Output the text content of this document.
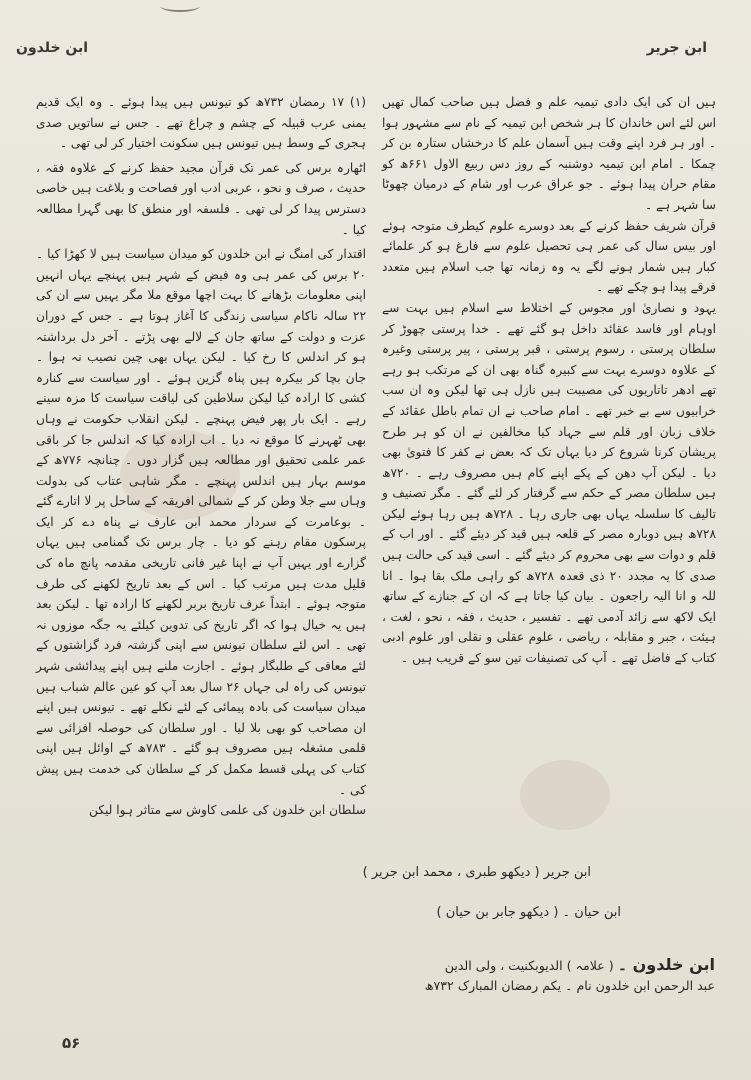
ابن جریر
ابن خلدون

ہیں ان کی ایک دادی تیمیہ علم و فضل ہیں صاحب کمال تھیں اس لئے اس خاندان کا ہر شخص ابن تیمیہ کے نام سے مشہور ہوا ۔ اور ہر فرد اپنے وقت ہیں آسمان علم کا درخشاں ستارہ بن کر چمکا ۔ امام ابن تیمیہ دوشنبہ کے روز دس ربیع الاول ۶۶۱ھ کو مقام حران پیدا ہوئے ۔ جو عراق عرب اور شام کے درمیان چھوٹا سا شہر ہے ۔

قرآن شریف حفظ کرنے کے بعد دوسرے علوم کیطرف متوجہ ہوئے اور بیس سال کی عمر ہی تحصیل علوم سے فارغ ہو کر علمائے کبار ہیں شمار ہونے لگے یہ وہ زمانہ تھا جب اسلام ہیں متعدد فرقے پیدا ہو چکے تھے ۔

یہود و نصاریٰ اور مجوس کے اختلاط سے اسلام ہیں بہت سے اوہام اور فاسد عقائد داخل ہو گئے تھے ۔ خدا پرستی چھوڑ کر سلطان پرستی ، رسوم پرستی ، قبر پرستی ، پیر پرستی وغیرہ کے علاوہ دوسرے بہت سے کبیرہ گناہ بھی ان کے مرتکب ہو رہے تھے ادھر تاتاریوں کی مصیبت ہیں نازل ہی تھا لیکن وہ ان سب خرابیوں سے بے خبر تھے ۔ امام صاحب نے ان تمام باطل عقائد کے خلاف زبان اور قلم سے جہاد کیا مخالفین نے ان کو ہر طرح پریشان کرنا شروع کر دیا یہاں تک کہ بعض نے کفر کا فتویٰ بھی دیا ۔ لیکن آپ دھن کے پکے اپنے کام ہیں مصروف رہے ۔ ۷۲۰ھ ہیں سلطان مصر کے حکم سے گرفتار کر لئے گئے ۔ مگر تصنیف و تالیف کا سلسلہ یہاں بھی جاری رہا ۔ ۷۲۸ھ ہیں رہا ہوئے لیکن ۷۲۸ھ ہیں دوبارہ مصر کے قلعہ ہیں قید کر دیئے گئے ۔ اور اب کے قلم و دوات سے بھی محروم کر دیئے گئے ۔ اسی قید کی حالت ہیں صدی کا یہ مجدد ۲۰ ذی قعدہ ۷۲۸ھ کو راہی ملک بقا ہوا ۔ انا للہ و انا الیہ راجعون ۔ بیان کیا جاتا ہے کہ ان کے جنازے کے ساتھ ایک لاکھ سے زائد آدمی تھے ۔ تفسیر ، حدیث ، فقہ ، نحو ، لغت ، ہیئت ، جبر و مقابلہ ، ریاضی ، علوم عقلی و نقلی اور علوم ادبی کتاب کے فاضل تھے ۔ آپ کی تصنیفات تین سو کے قریب ہیں ۔

(۱) ۱۷ رمضان ۷۳۲ھ کو تیونس ہیں پیدا ہوئے ۔ وہ ایک قدیم یمنی عرب قبیلہ کے چشم و چراغ تھے ۔ جس نے ساتویں صدی ہجری کے وسط ہیں تیونس ہیں سکونت اختیار کر لی تھی ۔

اٹھارہ برس کی عمر تک قرآن مجید حفظ کرنے کے علاوہ فقہ ، حدیث ، صرف و نحو ، عربی ادب اور فصاحت و بلاغت ہیں خاصی دسترس پیدا کر لی تھی ۔ فلسفہ اور منطق کا بھی گہرا مطالعہ کیا ۔

اقتدار کی امنگ نے ابن خلدون کو میدان سیاست ہیں لا کھڑا کیا ۔ ۲۰ برس کی عمر ہی وہ فیض کے شہر ہیں پہنچے یہاں انہیں اپنی معلومات بڑھانے کا بہت اچھا موقع ملا مگر یہیں سے ان کی ۲۲ سالہ ناکام سیاسی زندگی کا آغاز ہوتا ہے ۔ جس کے دوران عزت و دولت کے ساتھ جان کے لالے بھی پڑتے ۔ آخر دل برداشتہ ہو کر اندلس کا رخ کیا ۔ لیکن یہاں بھی چین نصیب نہ ہوا ۔ جان بچا کر بیکرہ ہیں پناہ گزین ہوئے ۔ اور سیاست سے کنارہ کشی کا ارادہ کیا لیکن سلاطین کی لیاقت سیاست کا مزہ سینے رہے ۔ ایک بار پھر فیض پہنچے ۔ لیکن انقلاب حکومت نے وہاں بھی ٹھہرنے کا موقع نہ دیا ۔ اب ارادہ کیا کہ اندلس جا کر باقی عمر علمی تحقیق اور مطالعہ ہیں گزار دوں ۔ چنانچہ ۷۷۶ھ کے موسم بہار ہیں اندلس پہنچے ۔ مگر شاہی عتاب کی بدولت وہاں سے جلا وطن کر کے شمالی افریقہ کے ساحل پر لا اتارے گئے ۔ بوعامرت کے سردار محمد ابن عارف نے پناہ دے کر ایک پرسکون مقام رہنے کو دیا ۔ چار برس تک گمنامی ہیں یہاں گزارے اور یہیں آپ نے اپنا غیر فانی تاریخی مقدمہ پانچ ماہ کی قلیل مدت ہیں مرتب کیا ۔ اس کے بعد تاریخ لکھنے کی طرف متوجہ ہوئے ۔ ابتداً عرف تاریخ بربر لکھنے کا ارادہ تھا ۔ لیکن بعد ہیں یہ خیال ہوا کہ اگر تاریخ کی تدوین کیلئے یہ جگہ موزوں نہ تھی ۔ اس لئے سلطان تیونس سے اپنی گزشتہ فرد گزاشتوں کے لئے معافی کے طلبگار ہوئے ۔ اجازت ملنے ہیں اپنے پیدائشی شہر تیونس کی راہ لی جہاں ۲۶ سال بعد آپ کو عین عالم شباب ہیں میدان سیاست کی بادہ پیمائی کے لئے نکلے تھے ۔ تیونس ہیں اپنے ان مصاحب کو بھی بلا لیا ۔ اور سلطان کی حوصلہ افزائی سے قلمی مشغلہ ہیں مصروف ہو گئے ۔ ۷۸۳ھ کے اوائل ہیں اپنی کتاب کی پہلی قسط مکمل کر کے سلطان کی خدمت ہیں پیش کی ۔

سلطان ابن خلدون کی علمی کاوش سے متاثر ہوا لیکن

ابن جریر ( دیکھو طبری ، محمد ابن جریر )
ابن حیان ۔ ( دیکھو جابر بن حیان )
ابن خلدون ۔ ( علامہ ) الدیوبکنیت ، ولی الدین
عبد الرحمن ابن خلدون نام ۔ یکم رمضان المبارک ۷۳۲ھ
۵۶
